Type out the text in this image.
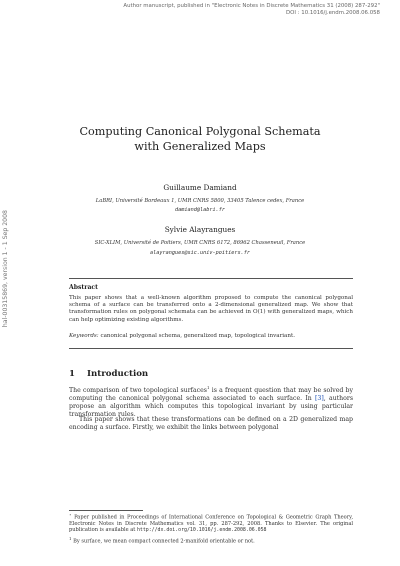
Author manuscript, published in "Electronic Notes in Discrete Mathematics 31 (2008) 287-292"
DOI : 10.1016/j.endm.2008.06.058
hal-00315869, version 1 - 1 Sep 2008
Computing Canonical Polygonal Schemata
with Generalized Maps
Guillaume Damiand
LaBRI, Université Bordeaux 1, UMR CNRS 5800, 33405 Talence cedex, France
damiand@labri.fr
Sylvie Alayrangues
SIC-XLIM, Université de Poitiers, UMR CNRS 6172, 86962 Chasseneuil, France
alayrangues@sic.univ-poitiers.fr
Abstract
This paper shows that a well-known algorithm proposed to compute the canonical polygonal schema of a surface can be transferred onto a 2-dimensional generalized map. We show that transformation rules on polygonal schemata can be achieved in O(1) with generalized maps, which can help optimizing existing algorithms.
Keywords: canonical polygonal schema, generalized map, topological invariant.
1 Introduction
The comparison of two topological surfaces$^1$ is a frequent question that may be solved by computing the canonical polygonal schema associated to each surface. In [3], authors propose an algorithm which computes this topological invariant by using particular transformation rules.
This paper shows that these transformations can be defined on a 2D generalized map encoding a surface. Firstly, we exhibit the links between polygonal
⋆ Paper published in Proceedings of International Conference on Topological & Geometric Graph Theory, Electronic Notes in Discrete Mathematics vol. 31, pp. 287-292, 2008. Thanks to Elsevier. The original publication is available at http://dx.doi.org/10.1016/j.endm.2008.06.058
$^1$ By surface, we mean compact connected 2-manifold orientable or not.
